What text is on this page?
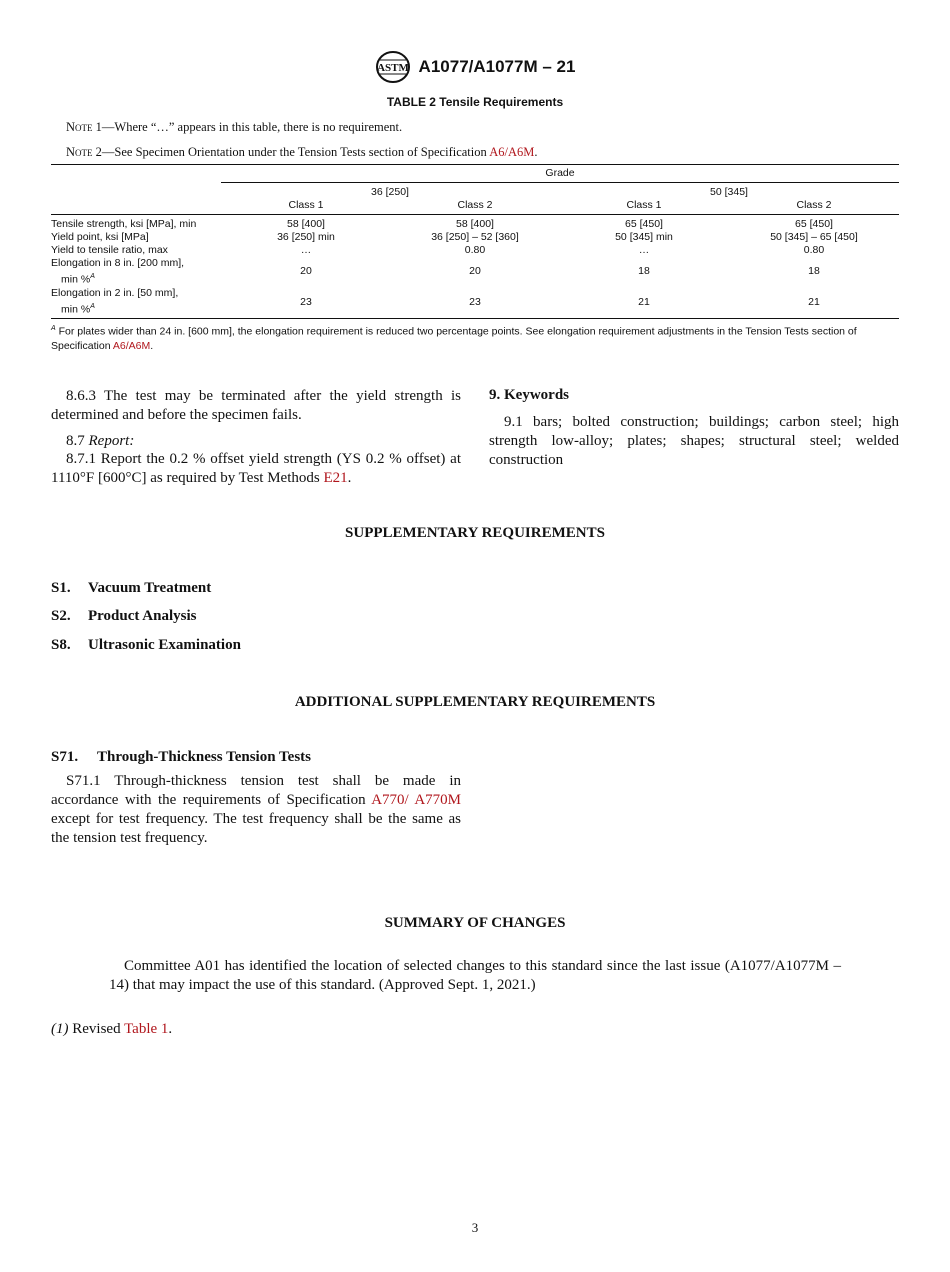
ASTM A1077/A1077M – 21
TABLE 2 Tensile Requirements
Note 1—Where “…” appears in this table, there is no requirement.
Note 2—See Specimen Orientation under the Tension Tests section of Specification A6/A6M.
	Grade			
	36 [250]		50 [345]	
	Class 1	Class 2	Class 1	Class 2
Tensile strength, ksi [MPa], min	58 [400]	58 [400]	65 [450]	65 [450]
Yield point, ksi [MPa]	36 [250] min	36 [250] – 52 [360]	50 [345] min	50 [345] – 65 [450]
Yield to tensile ratio, max	…	0.80	…	0.80

Elongation in 8 in. [200 mm],
min %$^A$	20	20	18	18

Elongation in 2 in. [50 mm],
min %$^A$	23	23	21	21
$^A$ For plates wider than 24 in. [600 mm], the elongation requirement is reduced two percentage points. See elongation requirement adjustments in the Tension Tests section of Specification A6/A6M.
8.6.3 The test may be terminated after the yield strength is determined and before the specimen fails.
8.7 Report:
8.7.1 Report the 0.2 % offset yield strength (YS 0.2 % offset) at 1110°F [600°C] as required by Test Methods E21.
9. Keywords
9.1 bars; bolted construction; buildings; carbon steel; high strength low-alloy; plates; shapes; structural steel; welded construction
SUPPLEMENTARY REQUIREMENTS
S1. Vacuum Treatment
S2. Product Analysis
S8. Ultrasonic Examination
ADDITIONAL SUPPLEMENTARY REQUIREMENTS
S71. Through-Thickness Tension Tests
S71.1 Through-thickness tension test shall be made in accordance with the requirements of Specification A770/ A770M except for test frequency. The test frequency shall be the same as the tension test frequency.
SUMMARY OF CHANGES
Committee A01 has identified the location of selected changes to this standard since the last issue (A1077/A1077M – 14) that may impact the use of this standard. (Approved Sept. 1, 2021.)
(1) Revised Table 1.
3
